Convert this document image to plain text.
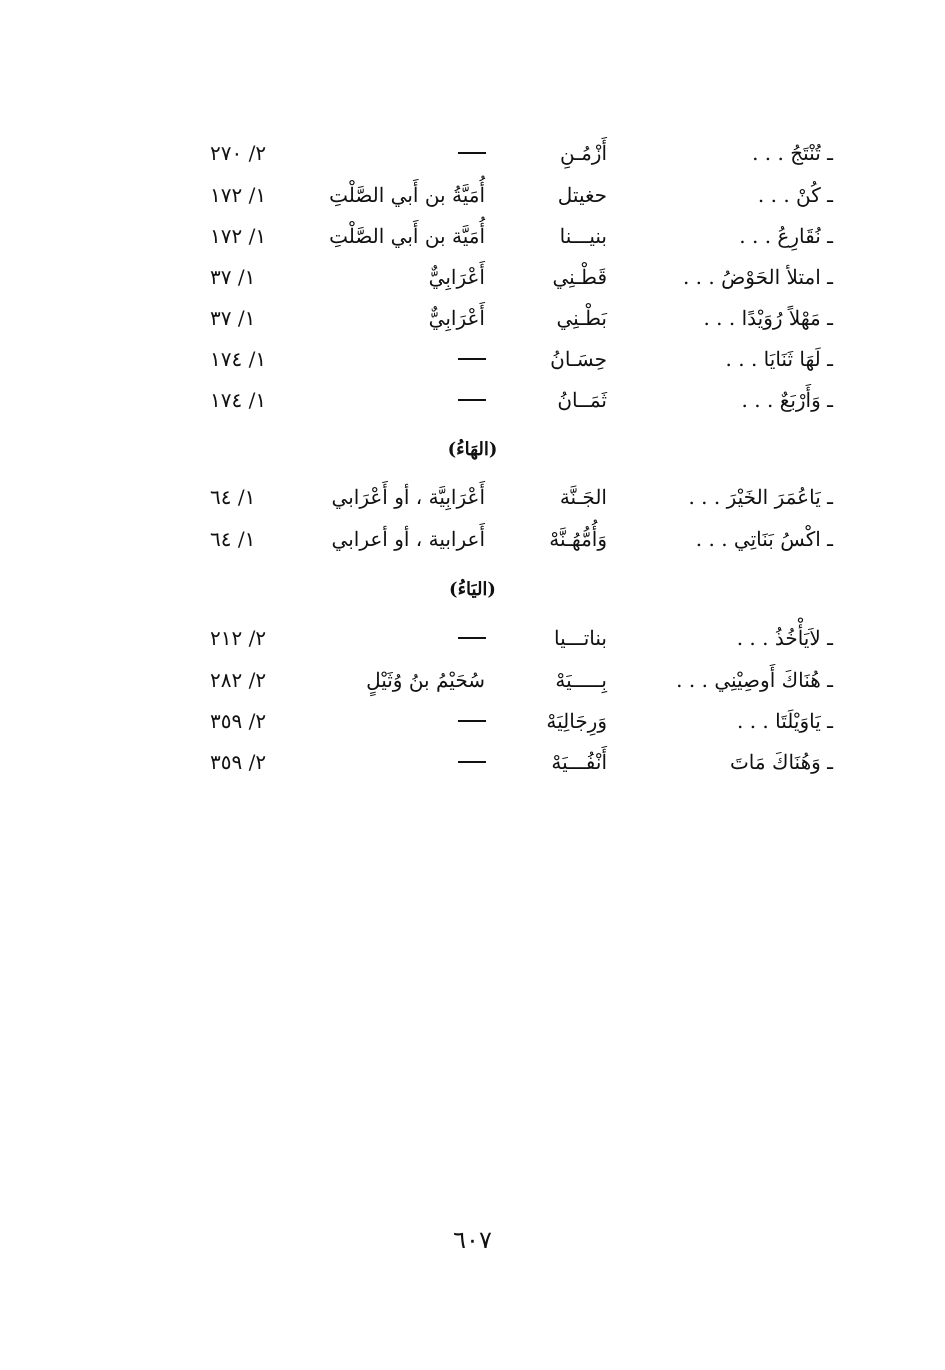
ـ تُنْتَجُ . . .
أَزْمُـنِ
٢/ ٢٧٠
ـ كُنْ . . .
حغيتل
أُمَيَّةُ بن أَبي الصَّلْتِ
١/ ١٧٢
ـ نُقَارِعُ . . .
بنيـــنا
أُمَيَّة بن أَبي الصَّلْتِ
١/ ١٧٢
ـ امتلأ الحَوْضُ . . .
قَطْـنِي
أَعْرَابِيٌّ
١/ ٣٧
ـ مَهْلاً رُوَيْدًا . . .
بَطْـنِي
أَعْرَابِيٌّ
١/ ٣٧
ـ لَهَا ثَنَايَا . . .
حِسَـانُ
١/ ١٧٤
ـ وَأَرْبَعٌ . . .
ثَمَــانُ
١/ ١٧٤
(الهَاءُ)
ـ يَاعُمَرَ الخَيْرَ . . .
الجَـنَّة
أَعْرَابِيَّة ، أو أَعْرَابي
١/ ٦٤
ـ اكْسُ بَنَاتِي . . .
وَأُمُّهُـنَّهْ
أَعرابية ، أو أعرابي
١/ ٦٤
(اليَاءُ)
ـ لاَيَأْخُذُ . . .
بناتـــيا
٢/ ٢١٢
ـ هُنَاكَ أَوصِيْنِي . . .
بِـــــيَهْ
سُحَيْمُ بنُ وُثَيْلٍ
٢/ ٢٨٢
ـ يَاوَيْلَتَا . . .
وَرِجَالِيَهْ
٢/ ٣٥٩
ـ وَهُنَاكَ مَاتَ
أَنْفُـــيَهْ
٢/ ٣٥٩
٦٠٧
